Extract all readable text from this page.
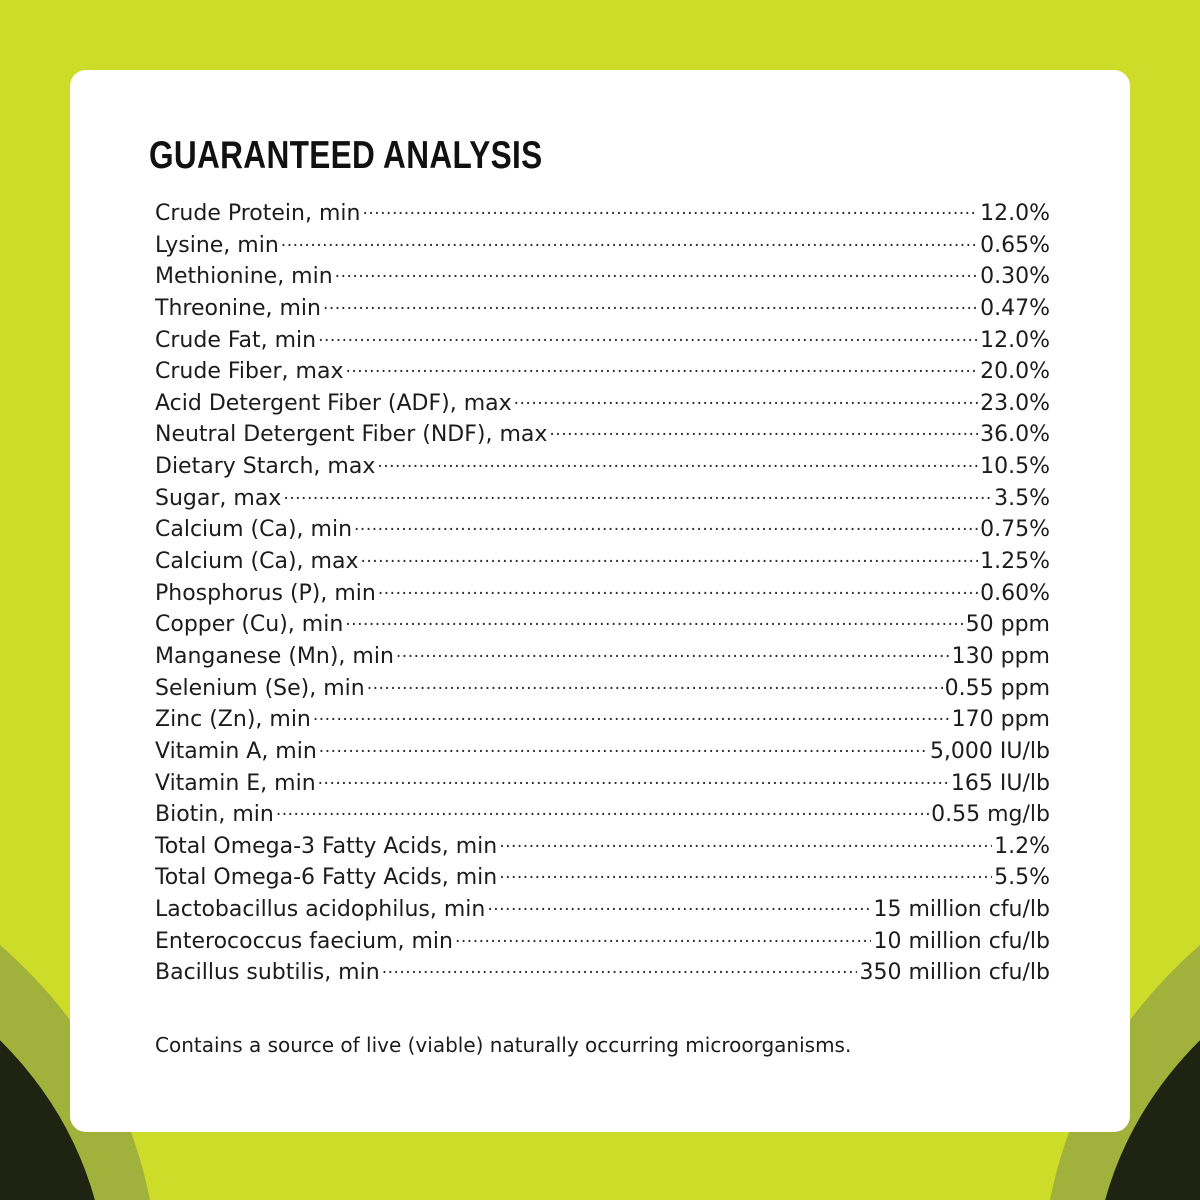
GUARANTEED ANALYSIS
Crude Protein, min .....	12.0%
Lysine, min .....	0.65%
Methionine, min .....	0.30%
Threonine, min .....	0.47%
Crude Fat, min .....	12.0%
Crude Fiber, max .....	20.0%
Acid Detergent Fiber (ADF), max .....	23.0%
Neutral Detergent Fiber (NDF), max .....	36.0%
Dietary Starch, max .....	10.5%
Sugar, max .....	3.5%
Calcium (Ca), min .....	0.75%
Calcium (Ca), max .....	1.25%
Phosphorus (P), min .....	0.60%
Copper (Cu), min .....	50 ppm
Manganese (Mn), min .....	130 ppm
Selenium (Se), min .....	0.55 ppm
Zinc (Zn), min .....	170 ppm
Vitamin A, min .....	5,000 IU/lb
Vitamin E, min .....	165 IU/lb
Biotin, min .....	0.55 mg/lb
Total Omega-3 Fatty Acids, min .....	1.2%
Total Omega-6 Fatty Acids, min .....	5.5%
Lactobacillus acidophilus, min .....	15 million cfu/lb
Enterococcus faecium, min .....	10 million cfu/lb
Bacillus subtilis, min .....	350 million cfu/lb

Contains a source of live (viable) naturally occurring microorganisms.
